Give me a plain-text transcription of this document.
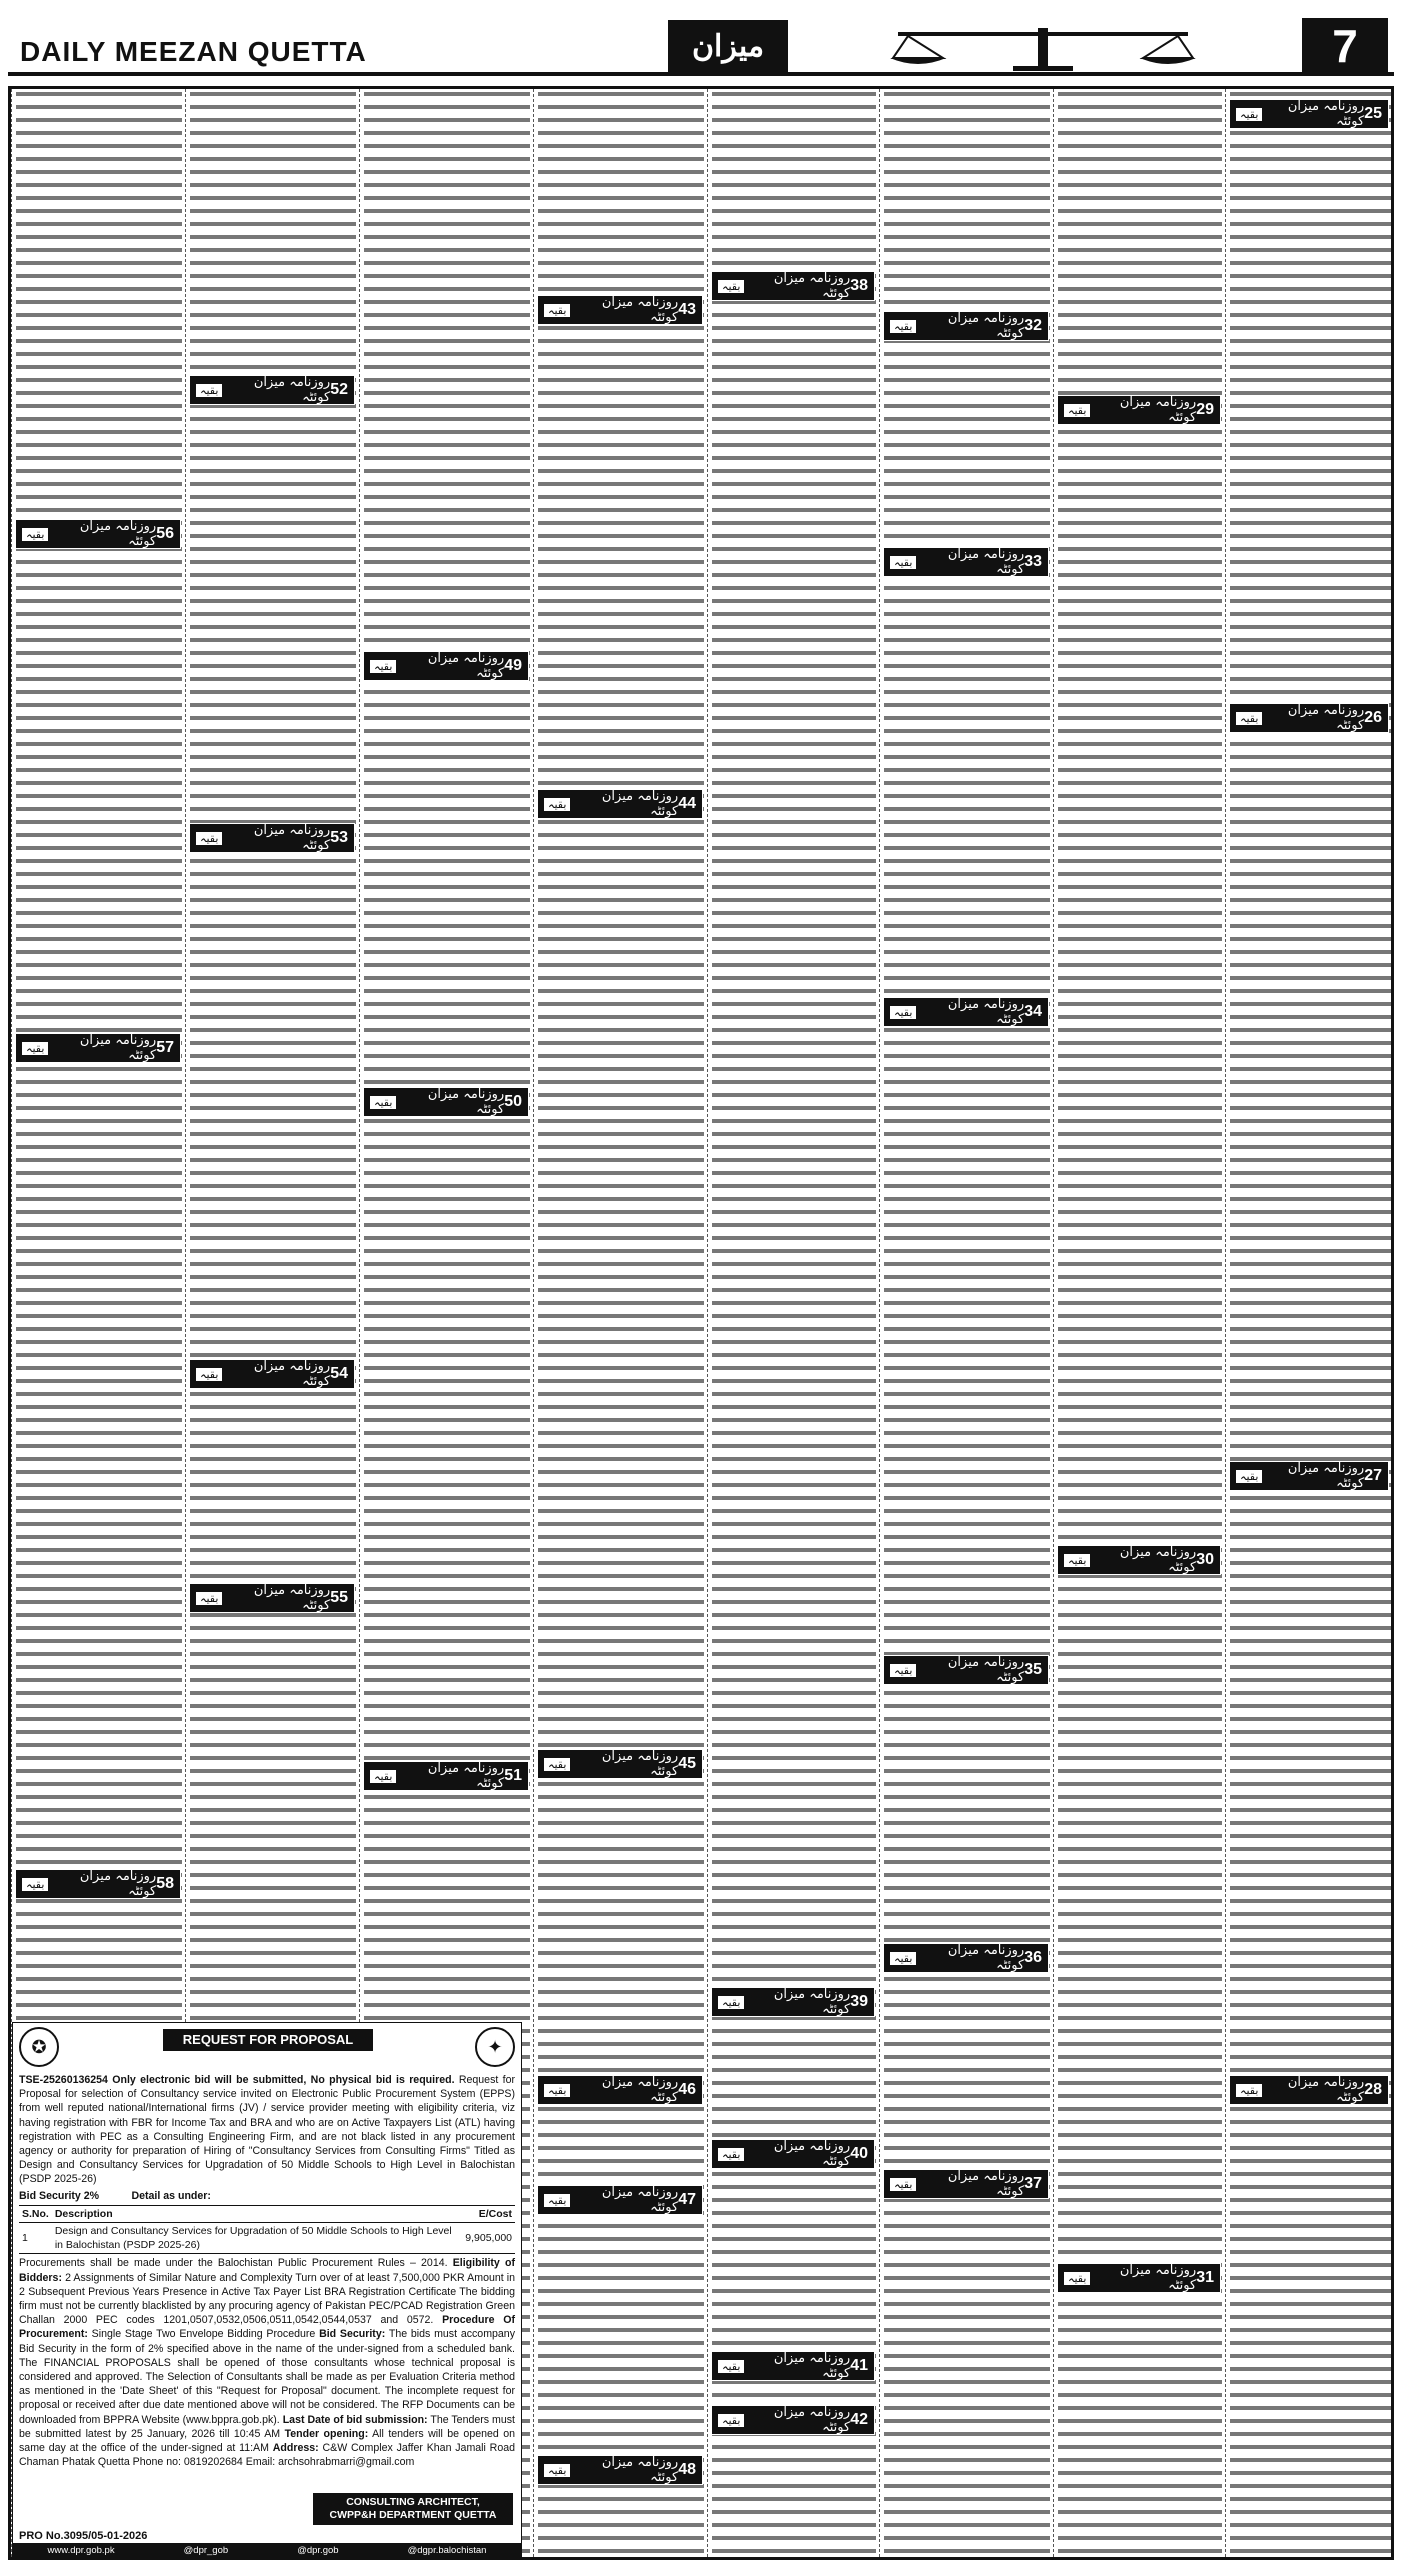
DAILY MEEZAN QUETTA	میزان	7
بقیہ	روزنامہ میزان کوئٹہ 25
بقیہ	روزنامہ میزان کوئٹہ 26
بقیہ	روزنامہ میزان کوئٹہ 27
بقیہ	روزنامہ میزان کوئٹہ 28
بقیہ	روزنامہ میزان کوئٹہ 29
بقیہ	روزنامہ میزان کوئٹہ 30
بقیہ	روزنامہ میزان کوئٹہ 31
بقیہ	روزنامہ میزان کوئٹہ 32
بقیہ	روزنامہ میزان کوئٹہ 33
بقیہ	روزنامہ میزان کوئٹہ 34
بقیہ	روزنامہ میزان کوئٹہ 35
بقیہ	روزنامہ میزان کوئٹہ 36
بقیہ	روزنامہ میزان کوئٹہ 37
بقیہ	روزنامہ میزان کوئٹہ 38
بقیہ	روزنامہ میزان کوئٹہ 39
بقیہ	روزنامہ میزان کوئٹہ 40
بقیہ	روزنامہ میزان کوئٹہ 41
بقیہ	روزنامہ میزان کوئٹہ 42
بقیہ	روزنامہ میزان کوئٹہ 43
بقیہ	روزنامہ میزان کوئٹہ 44
بقیہ	روزنامہ میزان کوئٹہ 45
بقیہ	روزنامہ میزان کوئٹہ 46
بقیہ	روزنامہ میزان کوئٹہ 47
بقیہ	روزنامہ میزان کوئٹہ 48
بقیہ	روزنامہ میزان کوئٹہ 49
بقیہ	روزنامہ میزان کوئٹہ 50
بقیہ	روزنامہ میزان کوئٹہ 51
بقیہ	روزنامہ میزان کوئٹہ 52
بقیہ	روزنامہ میزان کوئٹہ 53
بقیہ	روزنامہ میزان کوئٹہ 54
بقیہ	روزنامہ میزان کوئٹہ 55
بقیہ	روزنامہ میزان کوئٹہ 56
بقیہ	روزنامہ میزان کوئٹہ 57
بقیہ	روزنامہ میزان کوئٹہ 58
✪	REQUEST FOR PROPOSAL	✦

TSE-25260136254 Only electronic bid will be submitted, No physical bid is required. Request for Proposal for selection of Consultancy service invited on Electronic Public Procurement System (EPPS) from well reputed national/International firms (JV) / service provider meeting with eligibility criteria, viz having registration with FBR for Income Tax and BRA and who are on Active Taxpayers List (ATL) having registration with PEC as a Consulting Engineering Firm, and are not black listed in any procurement agency or authority for preparation of Hiring of "Consultancy Services from Consulting Firms" Titled as Design and Consultancy Services for Upgradation of 50 Middle Schools to High Level in Balochistan (PSDP 2025-26)

Bid Security 2%	Detail as under:

S.No.	Description	E/Cost
1	Design and Consultancy Services for Upgradation of 50 Middle Schools to High Level in Balochistan (PSDP 2025-26)	9,905,000

Procurements shall be made under the Balochistan Public Procurement Rules – 2014. Eligibility of Bidders: 2 Assignments of Similar Nature and Complexity Turn over of at least 7,500,000 PKR Amount in 2 Subsequent Previous Years Presence in Active Tax Payer List BRA Registration Certificate The bidding firm must not be currently blacklisted by any procuring agency of Pakistan PEC/PCAD Registration Green Challan 2000 PEC codes 1201,0507,0532,0506,0511,0542,0544,0537 and 0572. Procedure Of Procurement: Single Stage Two Envelope Bidding Procedure Bid Security: The bids must accompany Bid Security in the form of 2% specified above in the name of the under-signed from a scheduled bank. The FINANCIAL PROPOSALS shall be opened of those consultants whose technical proposal is considered and approved. The Selection of Consultants shall be made as per Evaluation Criteria method as mentioned in the 'Date Sheet' of this "Request for Proposal" document. The incomplete request for proposal or received after due date mentioned above will not be considered. The RFP Documents can be downloaded from BPPRA Website (www.bppra.gob.pk). Last Date of bid submission: The Tenders must be submitted latest by 25 January, 2026 till 10:45 AM Tender opening: All tenders will be opened on same day at the office of the under-signed at 11:AM Address: C&W Complex Jaffer Khan Jamali Road Chaman Phatak Quetta Phone no: 0819202684 Email: archsohrabmarri@gmail.com

CONSULTING ARCHITECT,
CWPP&H DEPARTMENT QUETTA
PRO No.3095/05-01-2026
www.dpr.gob.pk	@dpr_gob	@dpr.gob	@dgpr.balochistan
